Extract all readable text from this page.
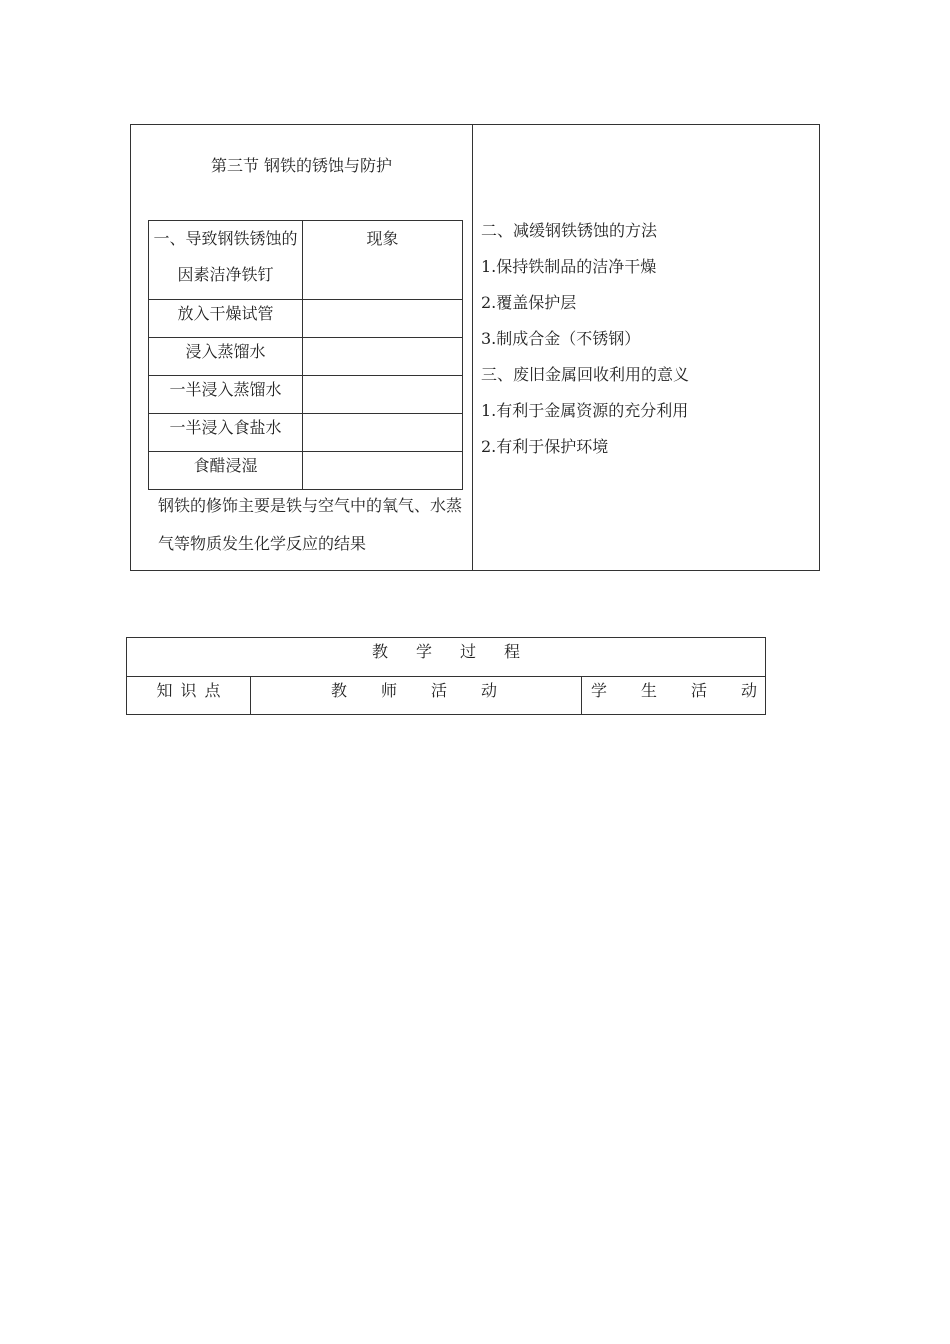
第三节 钢铁的锈蚀与防护
一、导致钢铁锈蚀的因素洁净铁钉	现象
放入干燥试管	
浸入蒸馏水	
一半浸入蒸馏水	
一半浸入食盐水	
食醋浸湿	
钢铁的修饰主要是铁与空气中的氧气、水蒸气等物质发生化学反应的结果
二、减缓钢铁锈蚀的方法
1.保持铁制品的洁净干燥
2.覆盖保护层
3.制成合金（不锈钢）
三、废旧金属回收利用的意义
1.有利于金属资源的充分利用
2.有利于保护环境
教学过程
知识点	教师活动	学生活动
